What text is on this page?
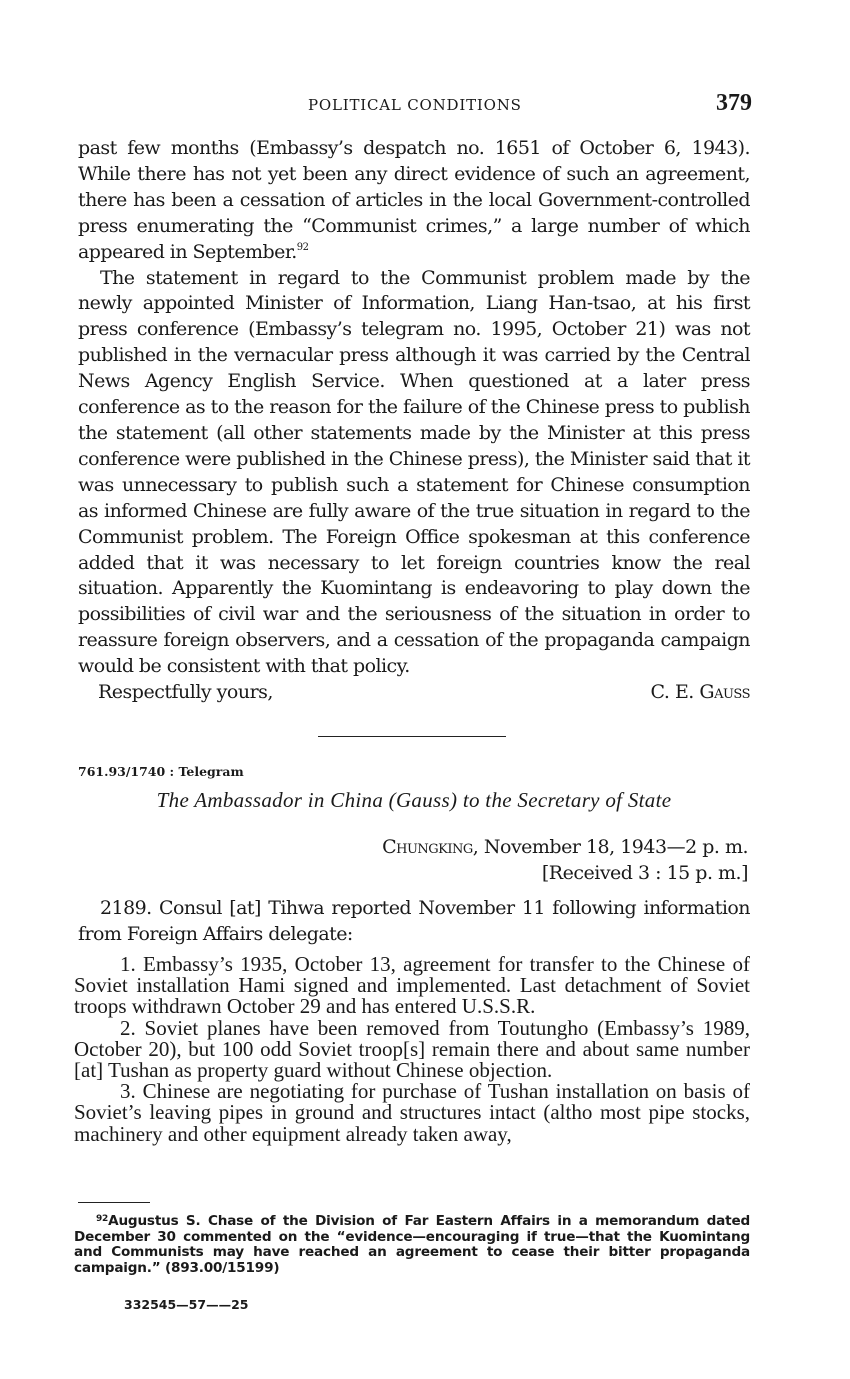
POLITICAL CONDITIONS	379

past few months (Embassy’s despatch no. 1651 of October 6, 1943). While there has not yet been any direct evidence of such an agreement, there has been a cessation of articles in the local Government-controlled press enumerating the “Communist crimes,” a large number of which appeared in September.$^{92}$

The statement in regard to the Communist problem made by the newly appointed Minister of Information, Liang Han-tsao, at his first press conference (Embassy’s telegram no. 1995, October 21) was not published in the vernacular press although it was carried by the Central News Agency English Service. When questioned at a later press conference as to the reason for the failure of the Chinese press to publish the statement (all other statements made by the Minister at this press conference were published in the Chinese press), the Minister said that it was unnecessary to publish such a statement for Chinese consumption as informed Chinese are fully aware of the true situation in regard to the Communist problem. The Foreign Office spokesman at this conference added that it was necessary to let foreign countries know the real situation. Apparently the Kuomintang is endeavoring to play down the possibilities of civil war and the seriousness of the situation in order to reassure foreign observers, and a cessation of the propaganda campaign would be consistent with that policy.

Respectfully yours,	C. E. Gauss
761.93/1740 : Telegram
The Ambassador in China (Gauss) to the Secretary of State
Chungking, November 18, 1943—2 p. m.
[Received 3 : 15 p. m.]

2189. Consul [at] Tihwa reported November 11 following information from Foreign Affairs delegate:

1. Embassy’s 1935, October 13, agreement for transfer to the Chinese of Soviet installation Hami signed and implemented. Last detachment of Soviet troops withdrawn October 29 and has entered U.S.S.R.

2. Soviet planes have been removed from Toutungho (Embassy’s 1989, October 20), but 100 odd Soviet troop[s] remain there and about same number [at] Tushan as property guard without Chinese objection.

3. Chinese are negotiating for purchase of Tushan installation on basis of Soviet’s leaving pipes in ground and structures intact (altho most pipe stocks, machinery and other equipment already taken away,

$^{92}$Augustus S. Chase of the Division of Far Eastern Affairs in a memorandum dated December 30 commented on the “evidence—encouraging if true—that the Kuomintang and Communists may have reached an agreement to cease their bitter propaganda campaign.” (893.00/15199)
332545—57——25
